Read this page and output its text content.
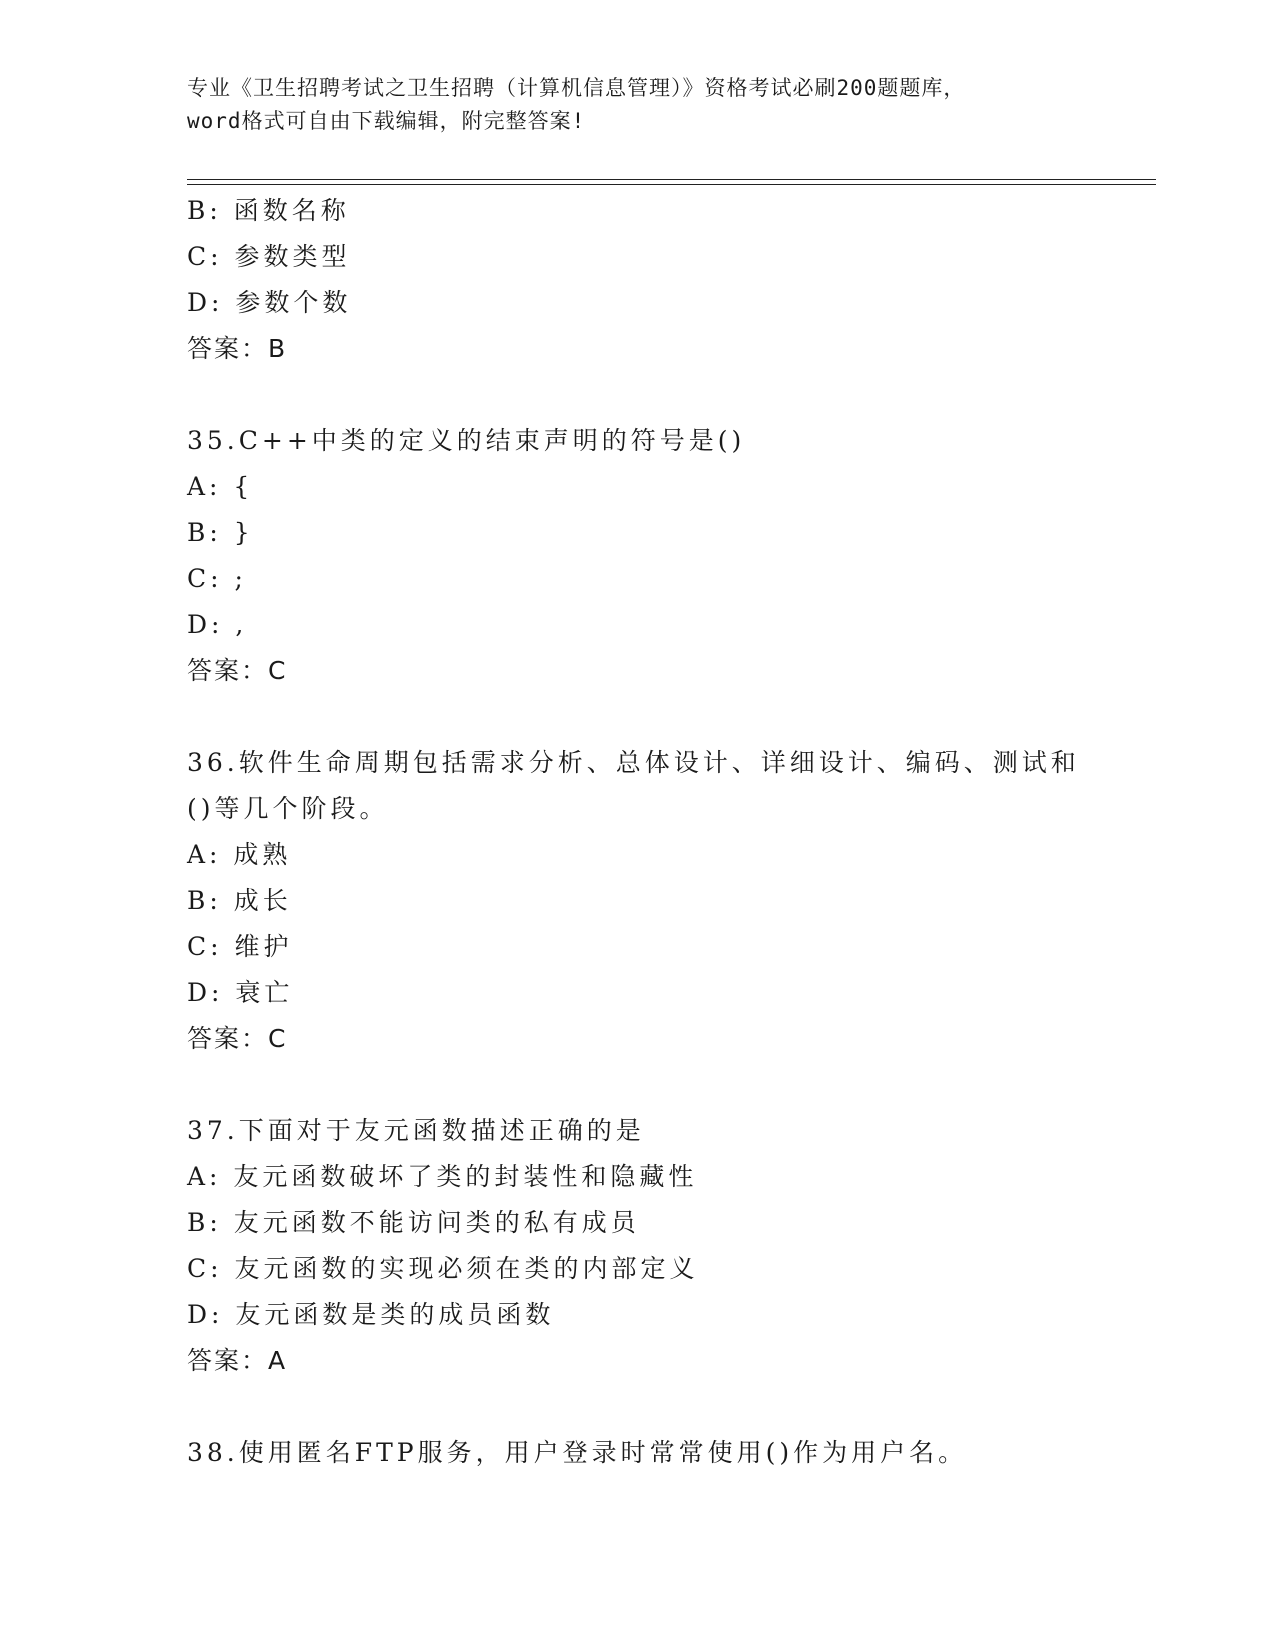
专业《卫生招聘考试之卫生招聘（计算机信息管理）》资格考试必刷200题题库，
word格式可自由下载编辑，附完整答案!
B: 函数名称
C: 参数类型
D: 参数个数
答案：B
35.C++中类的定义的结束声明的符号是()
A: {
B: }
C: ;
D: ,
答案：C
36.软件生命周期包括需求分析、总体设计、详细设计、编码、测试和
()等几个阶段。
A: 成熟
B: 成长
C: 维护
D: 衰亡
答案：C
37.下面对于友元函数描述正确的是
A: 友元函数破坏了类的封装性和隐藏性
B: 友元函数不能访问类的私有成员
C: 友元函数的实现必须在类的内部定义
D: 友元函数是类的成员函数
答案：A
38.使用匿名FTP服务，用户登录时常常使用()作为用户名。
